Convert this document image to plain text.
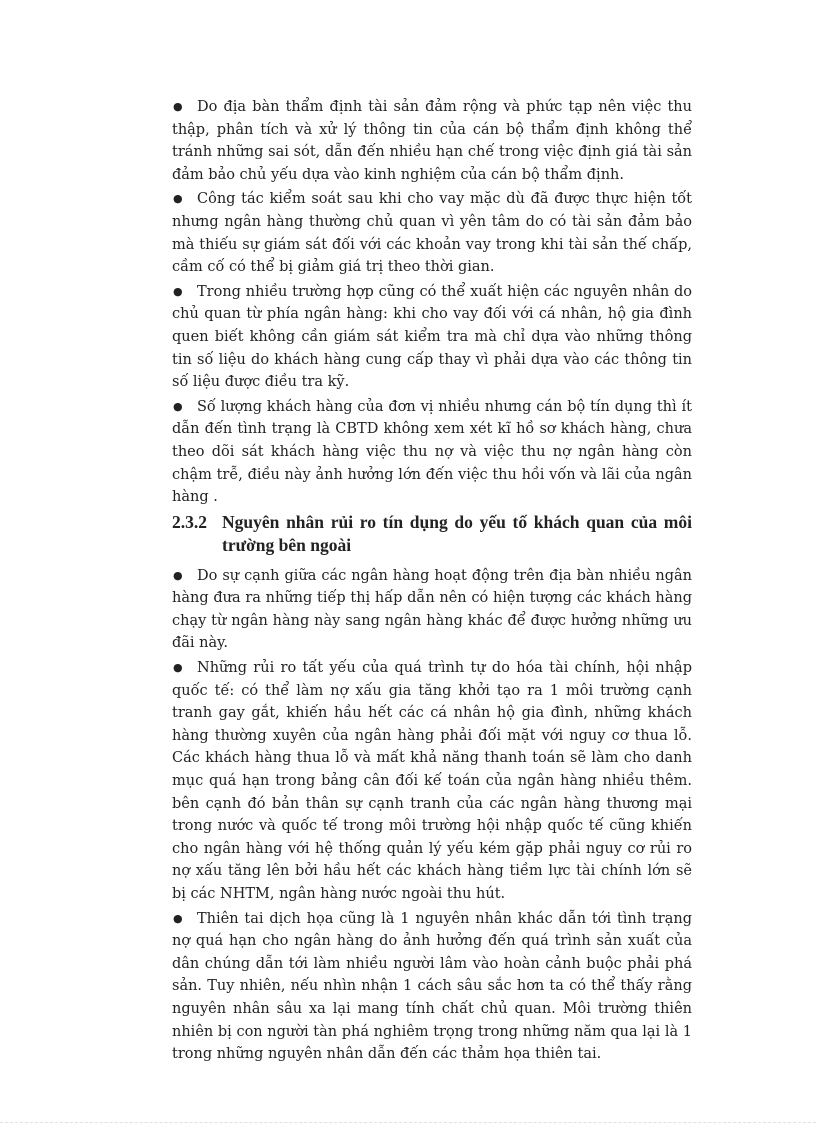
● Do địa bàn thẩm định tài sản đảm rộng và phức tạp nên việc thu thập, phân tích và xử lý thông tin của cán bộ thẩm định không thể tránh những sai sót, dẫn đến nhiều hạn chế trong việc định giá tài sản đảm bảo chủ yếu dựa vào kinh nghiệm của cán bộ thẩm định.

● Công tác kiểm soát sau khi cho vay mặc dù đã được thực hiện tốt nhưng ngân hàng thường chủ quan vì yên tâm do có tài sản đảm bảo mà thiếu sự giám sát đối với các khoản vay trong khi tài sản thế chấp, cầm cố có thể bị giảm giá trị theo thời gian.

● Trong nhiều trường hợp cũng có thể xuất hiện các nguyên nhân do chủ quan từ phía ngân hàng: khi cho vay đối với cá nhân, hộ gia đình quen biết không cần giám sát kiểm tra mà chỉ dựa vào những thông tin số liệu do khách hàng cung cấp thay vì phải dựa vào các thông tin số liệu được điều tra kỹ.

● Số lượng khách hàng của đơn vị nhiều nhưng cán bộ tín dụng thì ít dẫn đến tình trạng là CBTD không xem xét kĩ hồ sơ khách hàng, chưa theo dõi sát khách hàng việc thu nợ và việc thu nợ ngân hàng còn chậm trễ, điều này ảnh hưởng lớn đến việc thu hồi vốn và lãi của ngân hàng .

2.3.2 Nguyên nhân rủi ro tín dụng do yếu tố khách quan của môi trường bên ngoài

● Do sự cạnh giữa các ngân hàng hoạt động trên địa bàn nhiều ngân hàng đưa ra những tiếp thị hấp dẫn nên có hiện tượng các khách hàng chạy từ ngân hàng này sang ngân hàng khác để được hưởng những ưu đãi này.

● Những rủi ro tất yếu của quá trình tự do hóa tài chính, hội nhập quốc tế: có thể làm nợ xấu gia tăng khởi tạo ra 1 môi trường cạnh tranh gay gắt, khiến hầu hết các cá nhân hộ gia đình, những khách hàng thường xuyên của ngân hàng phải đối mặt với nguy cơ thua lỗ. Các khách hàng thua lỗ và mất khả năng thanh toán sẽ làm cho danh mục quá hạn trong bảng cân đối kế toán của ngân hàng nhiều thêm. bên cạnh đó bản thân sự cạnh tranh của các ngân hàng thương mại trong nước và quốc tế trong môi trường hội nhập quốc tế cũng khiến cho ngân hàng với hệ thống quản lý yếu kém gặp phải nguy cơ rủi ro nợ xấu tăng lên bởi hầu hết các khách hàng tiềm lực tài chính lớn sẽ bị các NHTM, ngân hàng nước ngoài thu hút.

● Thiên tai dịch họa cũng là 1 nguyên nhân khác dẫn tới tình trạng nợ quá hạn cho ngân hàng do ảnh hưởng đến quá trình sản xuất của dân chúng dẫn tới làm nhiều người lâm vào hoàn cảnh buộc phải phá sản. Tuy nhiên, nếu nhìn nhận 1 cách sâu sắc hơn ta có thể thấy rằng nguyên nhân sâu xa lại mang tính chất chủ quan. Môi trường thiên nhiên bị con người tàn phá nghiêm trọng trong những năm qua lại là 1 trong những nguyên nhân dẫn đến các thảm họa thiên tai.
